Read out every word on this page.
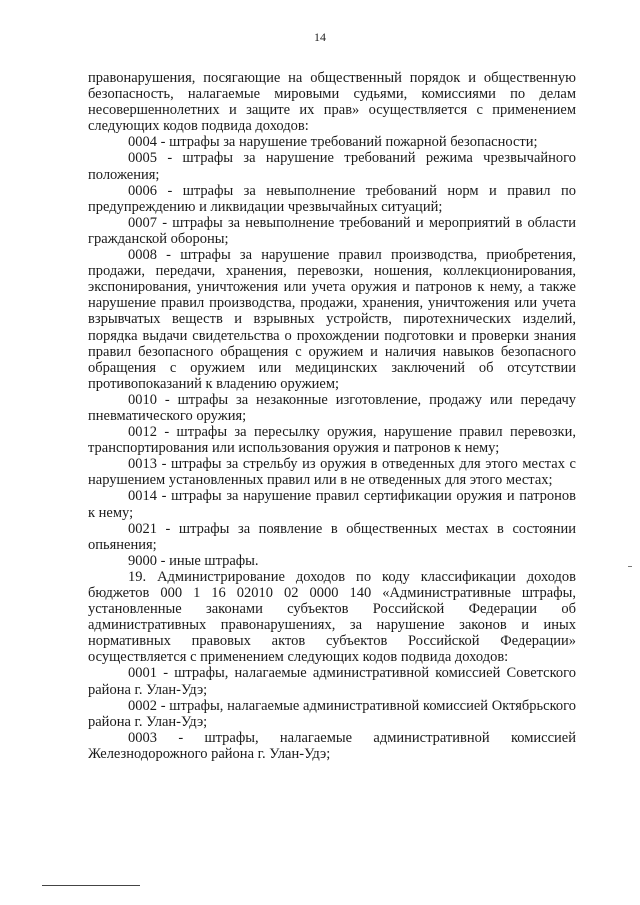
14

правонарушения, посягающие на общественный порядок и общественную безопасность, налагаемые мировыми судьями, комиссиями по делам несовершеннолетних и защите их прав» осуществляется с применением следующих кодов подвида доходов:

0004 - штрафы за нарушение требований пожарной безопасности;

0005 - штрафы за нарушение требований режима чрезвычайного положения;

0006 - штрафы за невыполнение требований норм и правил по предупреждению и ликвидации чрезвычайных ситуаций;

0007 - штрафы за невыполнение требований и мероприятий в области гражданской обороны;

0008 - штрафы за нарушение правил производства, приобретения, продажи, передачи, хранения, перевозки, ношения, коллекционирования, экспонирования, уничтожения или учета оружия и патронов к нему, а также нарушение правил производства, продажи, хранения, уничтожения или учета взрывчатых веществ и взрывных устройств, пиротехнических изделий, порядка выдачи свидетельства о прохождении подготовки и проверки знания правил безопасного обращения с оружием и наличия навыков безопасного обращения с оружием или медицинских заключений об отсутствии противопоказаний к владению оружием;

0010 - штрафы за незаконные изготовление, продажу или передачу пневматического оружия;

0012 - штрафы за пересылку оружия, нарушение правил перевозки, транспортирования или использования оружия и патронов к нему;

0013 - штрафы за стрельбу из оружия в отведенных для этого местах с нарушением установленных правил или в не отведенных для этого местах;

0014 - штрафы за нарушение правил сертификации оружия и патронов к нему;

0021 - штрафы за появление в общественных местах в состоянии опьянения;

9000 - иные штрафы.

19. Администрирование доходов по коду классификации доходов бюджетов 000 1 16 02010 02 0000 140 «Административные штрафы, установленные законами субъектов Российской Федерации об административных правонарушениях, за нарушение законов и иных нормативных правовых актов субъектов Российской Федерации» осуществляется с применением следующих кодов подвида доходов:

0001 - штрафы, налагаемые административной комиссией Советского района г. Улан-Удэ;

0002 - штрафы, налагаемые административной комиссией Октябрьского района г. Улан-Удэ;

0003 - штрафы, налагаемые административной комиссией Железнодорожного района г. Улан-Удэ;
